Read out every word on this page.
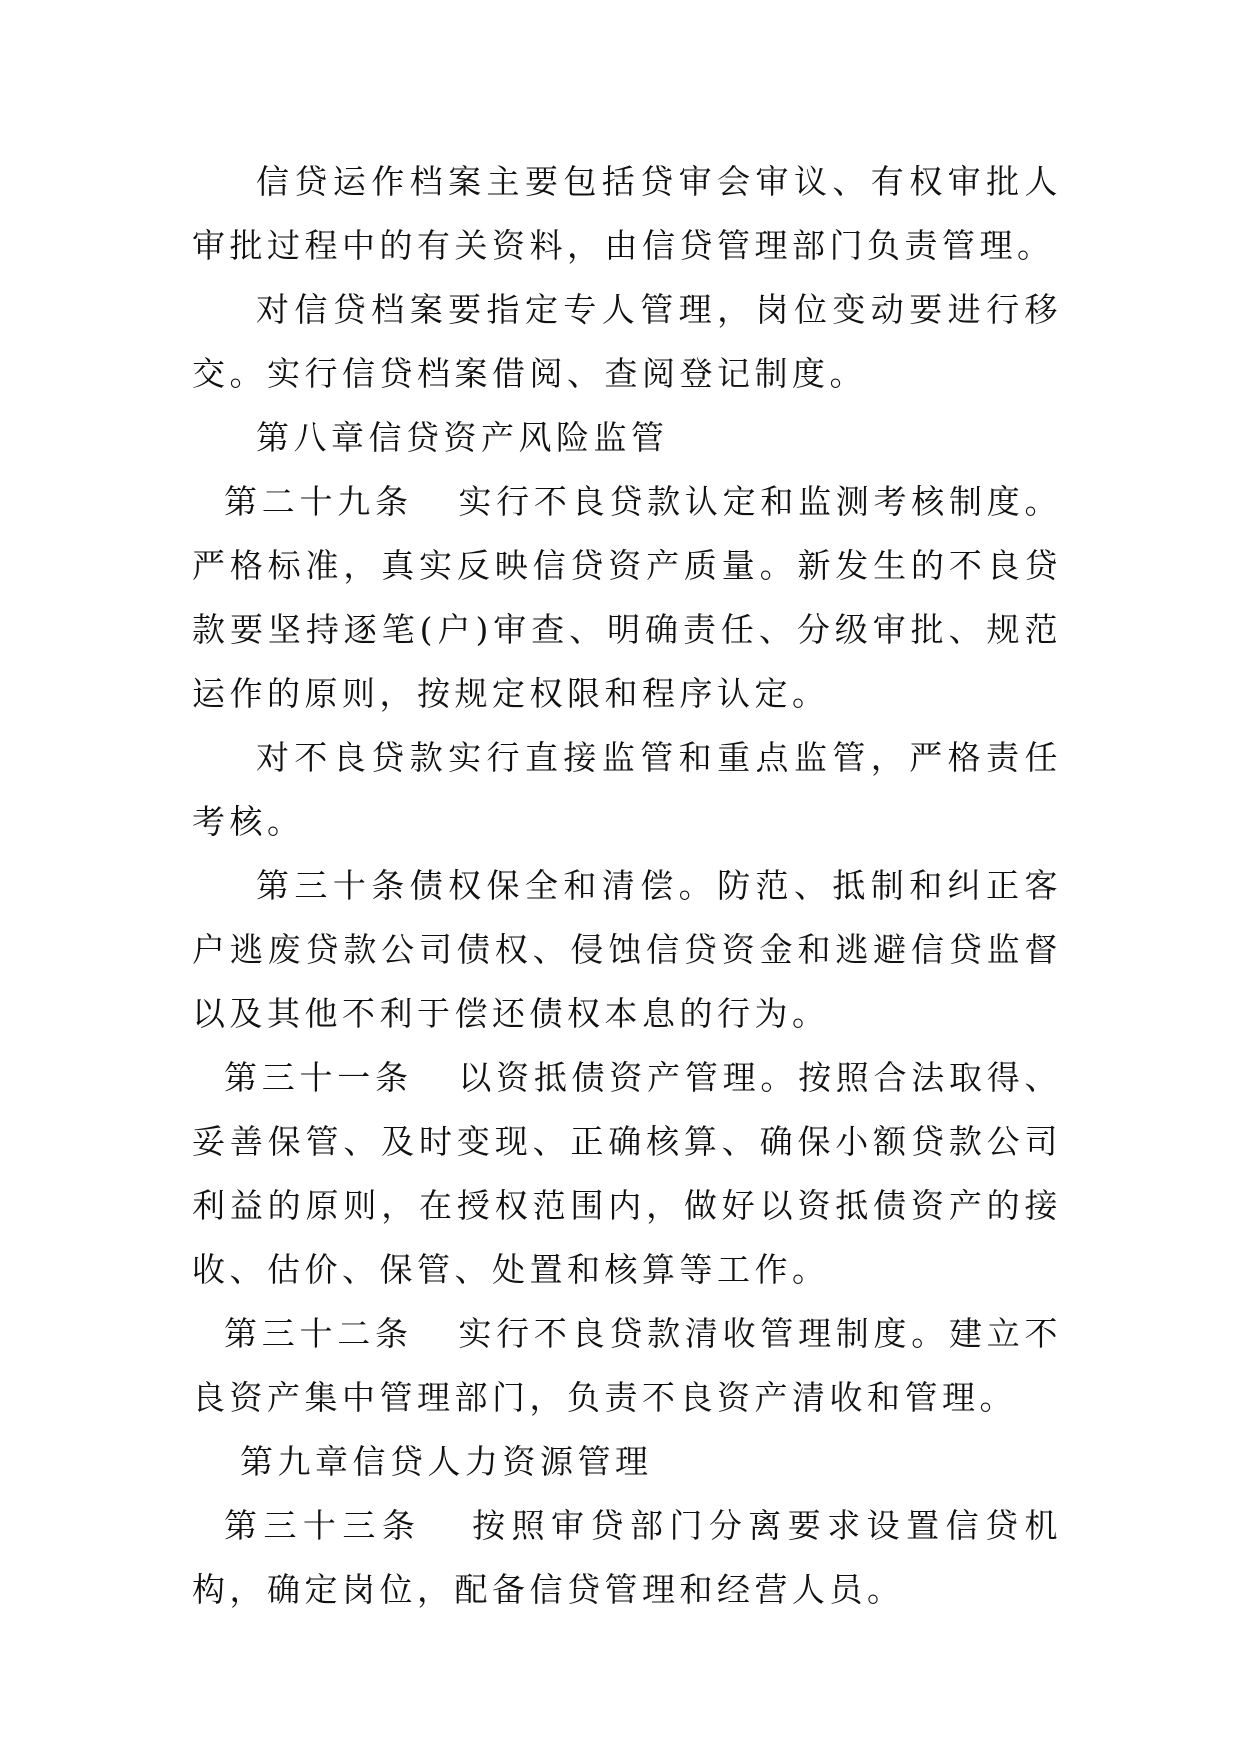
信贷运作档案主要包括贷审会审议、有权审批人审批过程中的有关资料，由信贷管理部门负责管理。

对信贷档案要指定专人管理，岗位变动要进行移交。实行信贷档案借阅、查阅登记制度。

第八章信贷资产风险监管

第二十九条 实行不良贷款认定和监测考核制度。严格标准，真实反映信贷资产质量。新发生的不良贷款要坚持逐笔(户)审查、明确责任、分级审批、规范运作的原则，按规定权限和程序认定。

对不良贷款实行直接监管和重点监管，严格责任考核。

第三十条债权保全和清偿。防范、抵制和纠正客户逃废贷款公司债权、侵蚀信贷资金和逃避信贷监督以及其他不利于偿还债权本息的行为。

第三十一条 以资抵债资产管理。按照合法取得、妥善保管、及时变现、正确核算、确保小额贷款公司利益的原则，在授权范围内，做好以资抵债资产的接收、估价、保管、处置和核算等工作。

第三十二条 实行不良贷款清收管理制度。建立不良资产集中管理部门，负责不良资产清收和管理。

第九章信贷人力资源管理

第三十三条 按照审贷部门分离要求设置信贷机构，确定岗位，配备信贷管理和经营人员。
